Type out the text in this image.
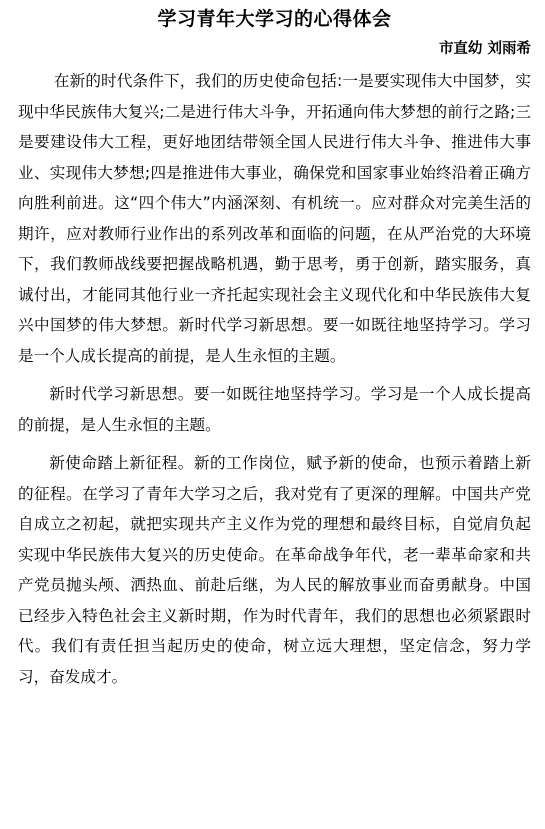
学习青年大学习的心得体会
市直幼 刘雨希

在新的时代条件下，我们的历史使命包括:一是要实现伟大中国梦，实现中华民族伟大复兴;二是进行伟大斗争，开拓通向伟大梦想的前行之路;三是要建设伟大工程，更好地团结带领全国人民进行伟大斗争、推进伟大事业、实现伟大梦想;四是推进伟大事业，确保党和国家事业始终沿着正确方向胜利前进。这“四个伟大”内涵深刻、有机统一。应对群众对完美生活的期许，应对教师行业作出的系列改革和面临的问题，在从严治党的大环境下，我们教师战线要把握战略机遇，勤于思考，勇于创新，踏实服务，真诚付出，才能同其他行业一齐托起实现社会主义现代化和中华民族伟大复兴中国梦的伟大梦想。新时代学习新思想。要一如既往地坚持学习。学习是一个人成长提高的前提，是人生永恒的主题。

新时代学习新思想。要一如既往地坚持学习。学习是一个人成长提高的前提，是人生永恒的主题。

新使命踏上新征程。新的工作岗位，赋予新的使命，也预示着踏上新的征程。在学习了青年大学习之后，我对党有了更深的理解。中国共产党自成立之初起，就把实现共产主义作为党的理想和最终目标，自觉肩负起实现中华民族伟大复兴的历史使命。在革命战争年代，老一辈革命家和共产党员抛头颅、洒热血、前赴后继，为人民的解放事业而奋勇献身。中国已经步入特色社会主义新时期，作为时代青年，我们的思想也必须紧跟时代。我们有责任担当起历史的使命，树立远大理想，坚定信念，努力学习，奋发成才。
